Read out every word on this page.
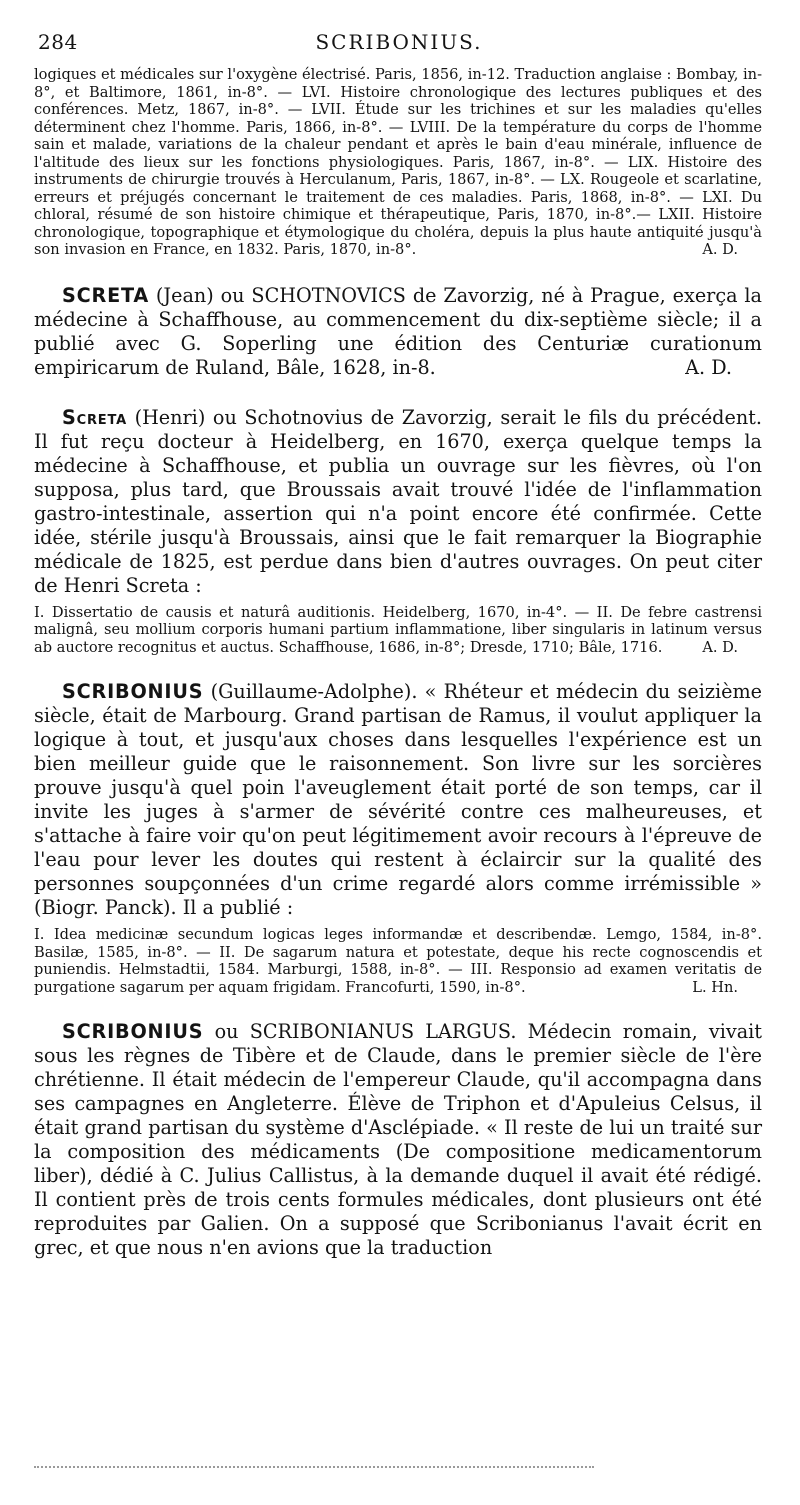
284	SCRIBONIUS.

logiques et médicales sur l'oxygène électrisé. Paris, 1856, in-12. Traduction anglaise : Bombay, in-8°, et Baltimore, 1861, in-8°. — LVI. Histoire chronologique des lectures publiques et des conférences. Metz, 1867, in-8°. — LVII. Étude sur les trichines et sur les maladies qu'elles déterminent chez l'homme. Paris, 1866, in-8°. — LVIII. De la température du corps de l'homme sain et malade, variations de la chaleur pendant et après le bain d'eau minérale, influence de l'altitude des lieux sur les fonctions physiologiques. Paris, 1867, in-8°. — LIX. Histoire des instruments de chirurgie trouvés à Herculanum, Paris, 1867, in-8°. — LX. Rougeole et scarlatine, erreurs et préjugés concernant le traitement de ces maladies. Paris, 1868, in-8°. — LXI. Du chloral, résumé de son histoire chimique et thérapeutique, Paris, 1870, in-8°.— LXII. Histoire chronologique, topographique et étymologique du choléra, depuis la plus haute antiquité jusqu'à son invasion en France, en 1832. Paris, 1870, in-8°.	A. D.

SCRETA (Jean) ou SCHOTNOVICS de Zavorzig, né à Prague, exerça la médecine à Schaffhouse, au commencement du dix-septième siècle; il a publié avec G. Soperling une édition des Centuriæ curationum empiricarum de Ruland, Bâle, 1628, in-8.	A. D.

Screta (Henri) ou Schotnovius de Zavorzig, serait le fils du précédent. Il fut reçu docteur à Heidelberg, en 1670, exerça quelque temps la médecine à Schaffhouse, et publia un ouvrage sur les fièvres, où l'on supposa, plus tard, que Broussais avait trouvé l'idée de l'inflammation gastro-intestinale, assertion qui n'a point encore été confirmée. Cette idée, stérile jusqu'à Broussais, ainsi que le fait remarquer la Biographie médicale de 1825, est perdue dans bien d'autres ouvrages. On peut citer de Henri Screta :

I. Dissertatio de causis et naturâ auditionis. Heidelberg, 1670, in-4°. — II. De febre castrensi malignâ, seu mollium corporis humani partium inflammatione, liber singularis in latinum versus ab auctore recognitus et auctus. Schaffhouse, 1686, in-8°; Dresde, 1710; Bâle, 1716.	A. D.

SCRIBONIUS (Guillaume-Adolphe). « Rhéteur et médecin du seizième siècle, était de Marbourg. Grand partisan de Ramus, il voulut appliquer la logique à tout, et jusqu'aux choses dans lesquelles l'expérience est un bien meilleur guide que le raisonnement. Son livre sur les sorcières prouve jusqu'à quel poin l'aveuglement était porté de son temps, car il invite les juges à s'armer de sévérité contre ces malheureuses, et s'attache à faire voir qu'on peut légitimement avoir recours à l'épreuve de l'eau pour lever les doutes qui restent à éclaircir sur la qualité des personnes soupçonnées d'un crime regardé alors comme irrémissible » (Biogr. Panck). Il a publié :

I. Idea medicinæ secundum logicas leges informandæ et describendæ. Lemgo, 1584, in-8°. Basilæ, 1585, in-8°. — II. De sagarum natura et potestate, deque his recte cognoscendis et puniendis. Helmstadtii, 1584. Marburgi, 1588, in-8°. — III. Responsio ad examen veritatis de purgatione sagarum per aquam frigidam. Francofurti, 1590, in-8°.	L. Hn.

SCRIBONIUS ou SCRIBONIANUS LARGUS. Médecin romain, vivait sous les règnes de Tibère et de Claude, dans le premier siècle de l'ère chrétienne. Il était médecin de l'empereur Claude, qu'il accompagna dans ses campagnes en Angleterre. Élève de Triphon et d'Apuleius Celsus, il était grand partisan du système d'Asclépiade. « Il reste de lui un traité sur la composition des médicaments (De compositione medicamentorum liber), dédié à C. Julius Callistus, à la demande duquel il avait été rédigé. Il contient près de trois cents formules médicales, dont plusieurs ont été reproduites par Galien. On a supposé que Scribonianus l'avait écrit en grec, et que nous n'en avions que la traduction
